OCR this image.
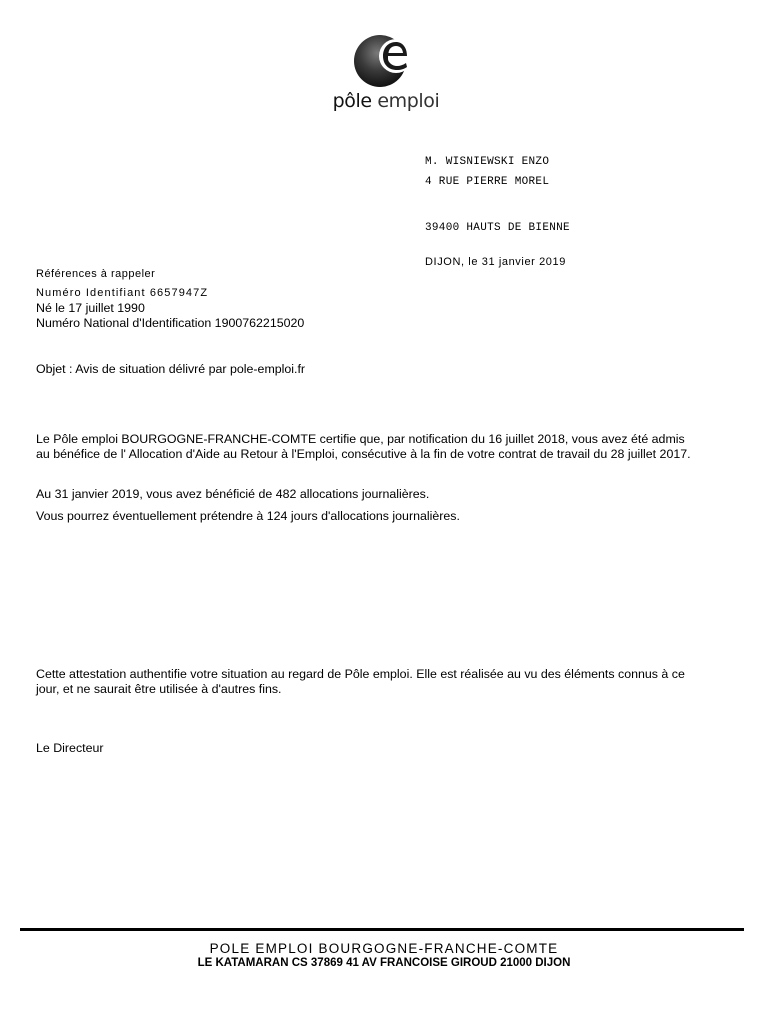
pôle emploi
M. WISNIEWSKI ENZO
4 RUE PIERRE MOREL
39400 HAUTS DE BIENNE
DIJON, le 31 janvier 2019
Références à rappeler
Numéro Identifiant 6657947Z
Né le 17 juillet 1990
Numéro National d'Identification 1900762215020
Objet : Avis de situation délivré par pole-emploi.fr
Le Pôle emploi BOURGOGNE-FRANCHE-COMTE certifie que, par notification du 16 juillet 2018, vous avez été admis
au bénéfice de l' Allocation d'Aide au Retour à l'Emploi, consécutive à la fin de votre contrat de travail du 28 juillet 2017.
Au 31 janvier 2019, vous avez bénéficié de 482 allocations journalières.
Vous pourrez éventuellement prétendre à 124 jours d'allocations journalières.
Cette attestation authentifie votre situation au regard de Pôle emploi. Elle est réalisée au vu des éléments connus à ce
jour, et ne saurait être utilisée à d'autres fins.
Le Directeur
POLE EMPLOI BOURGOGNE-FRANCHE-COMTE
LE KATAMARAN CS 37869 41 AV FRANCOISE GIROUD 21000 DIJON
